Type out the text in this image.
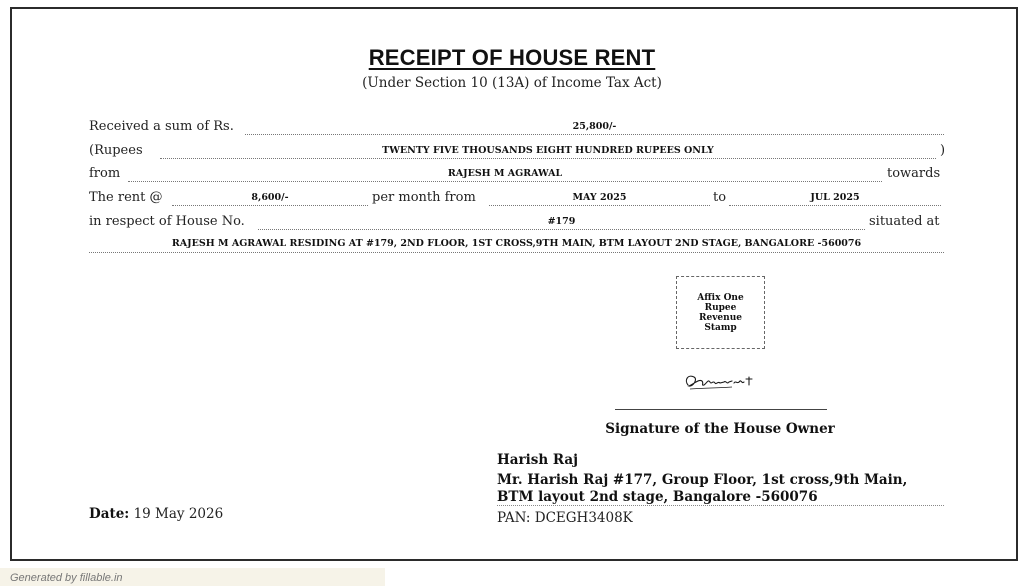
RECEIPT OF HOUSE RENT
(Under Section 10 (13A) of Income Tax Act)
Received a sum of Rs.	25,800/-
(Rupees	TWENTY FIVE THOUSANDS EIGHT HUNDRED RUPEES ONLY	)
from	RAJESH M AGRAWAL	towards
The rent @	8,600/-	per month from	MAY 2025	to	JUL 2025
in respect of House No.	#179	situated at
RAJESH M AGRAWAL RESIDING AT #179, 2ND FLOOR, 1ST CROSS,9TH MAIN, BTM LAYOUT 2ND STAGE, BANGALORE -560076
Affix One Rupee Revenue Stamp
Signature of the House Owner
Harish Raj
Mr. Harish Raj #177, Group Floor, 1st cross,9th Main, BTM layout 2nd stage, Bangalore -560076
PAN: DCEGH3408K
Date: 19 May 2026
Generated by fillable.in
